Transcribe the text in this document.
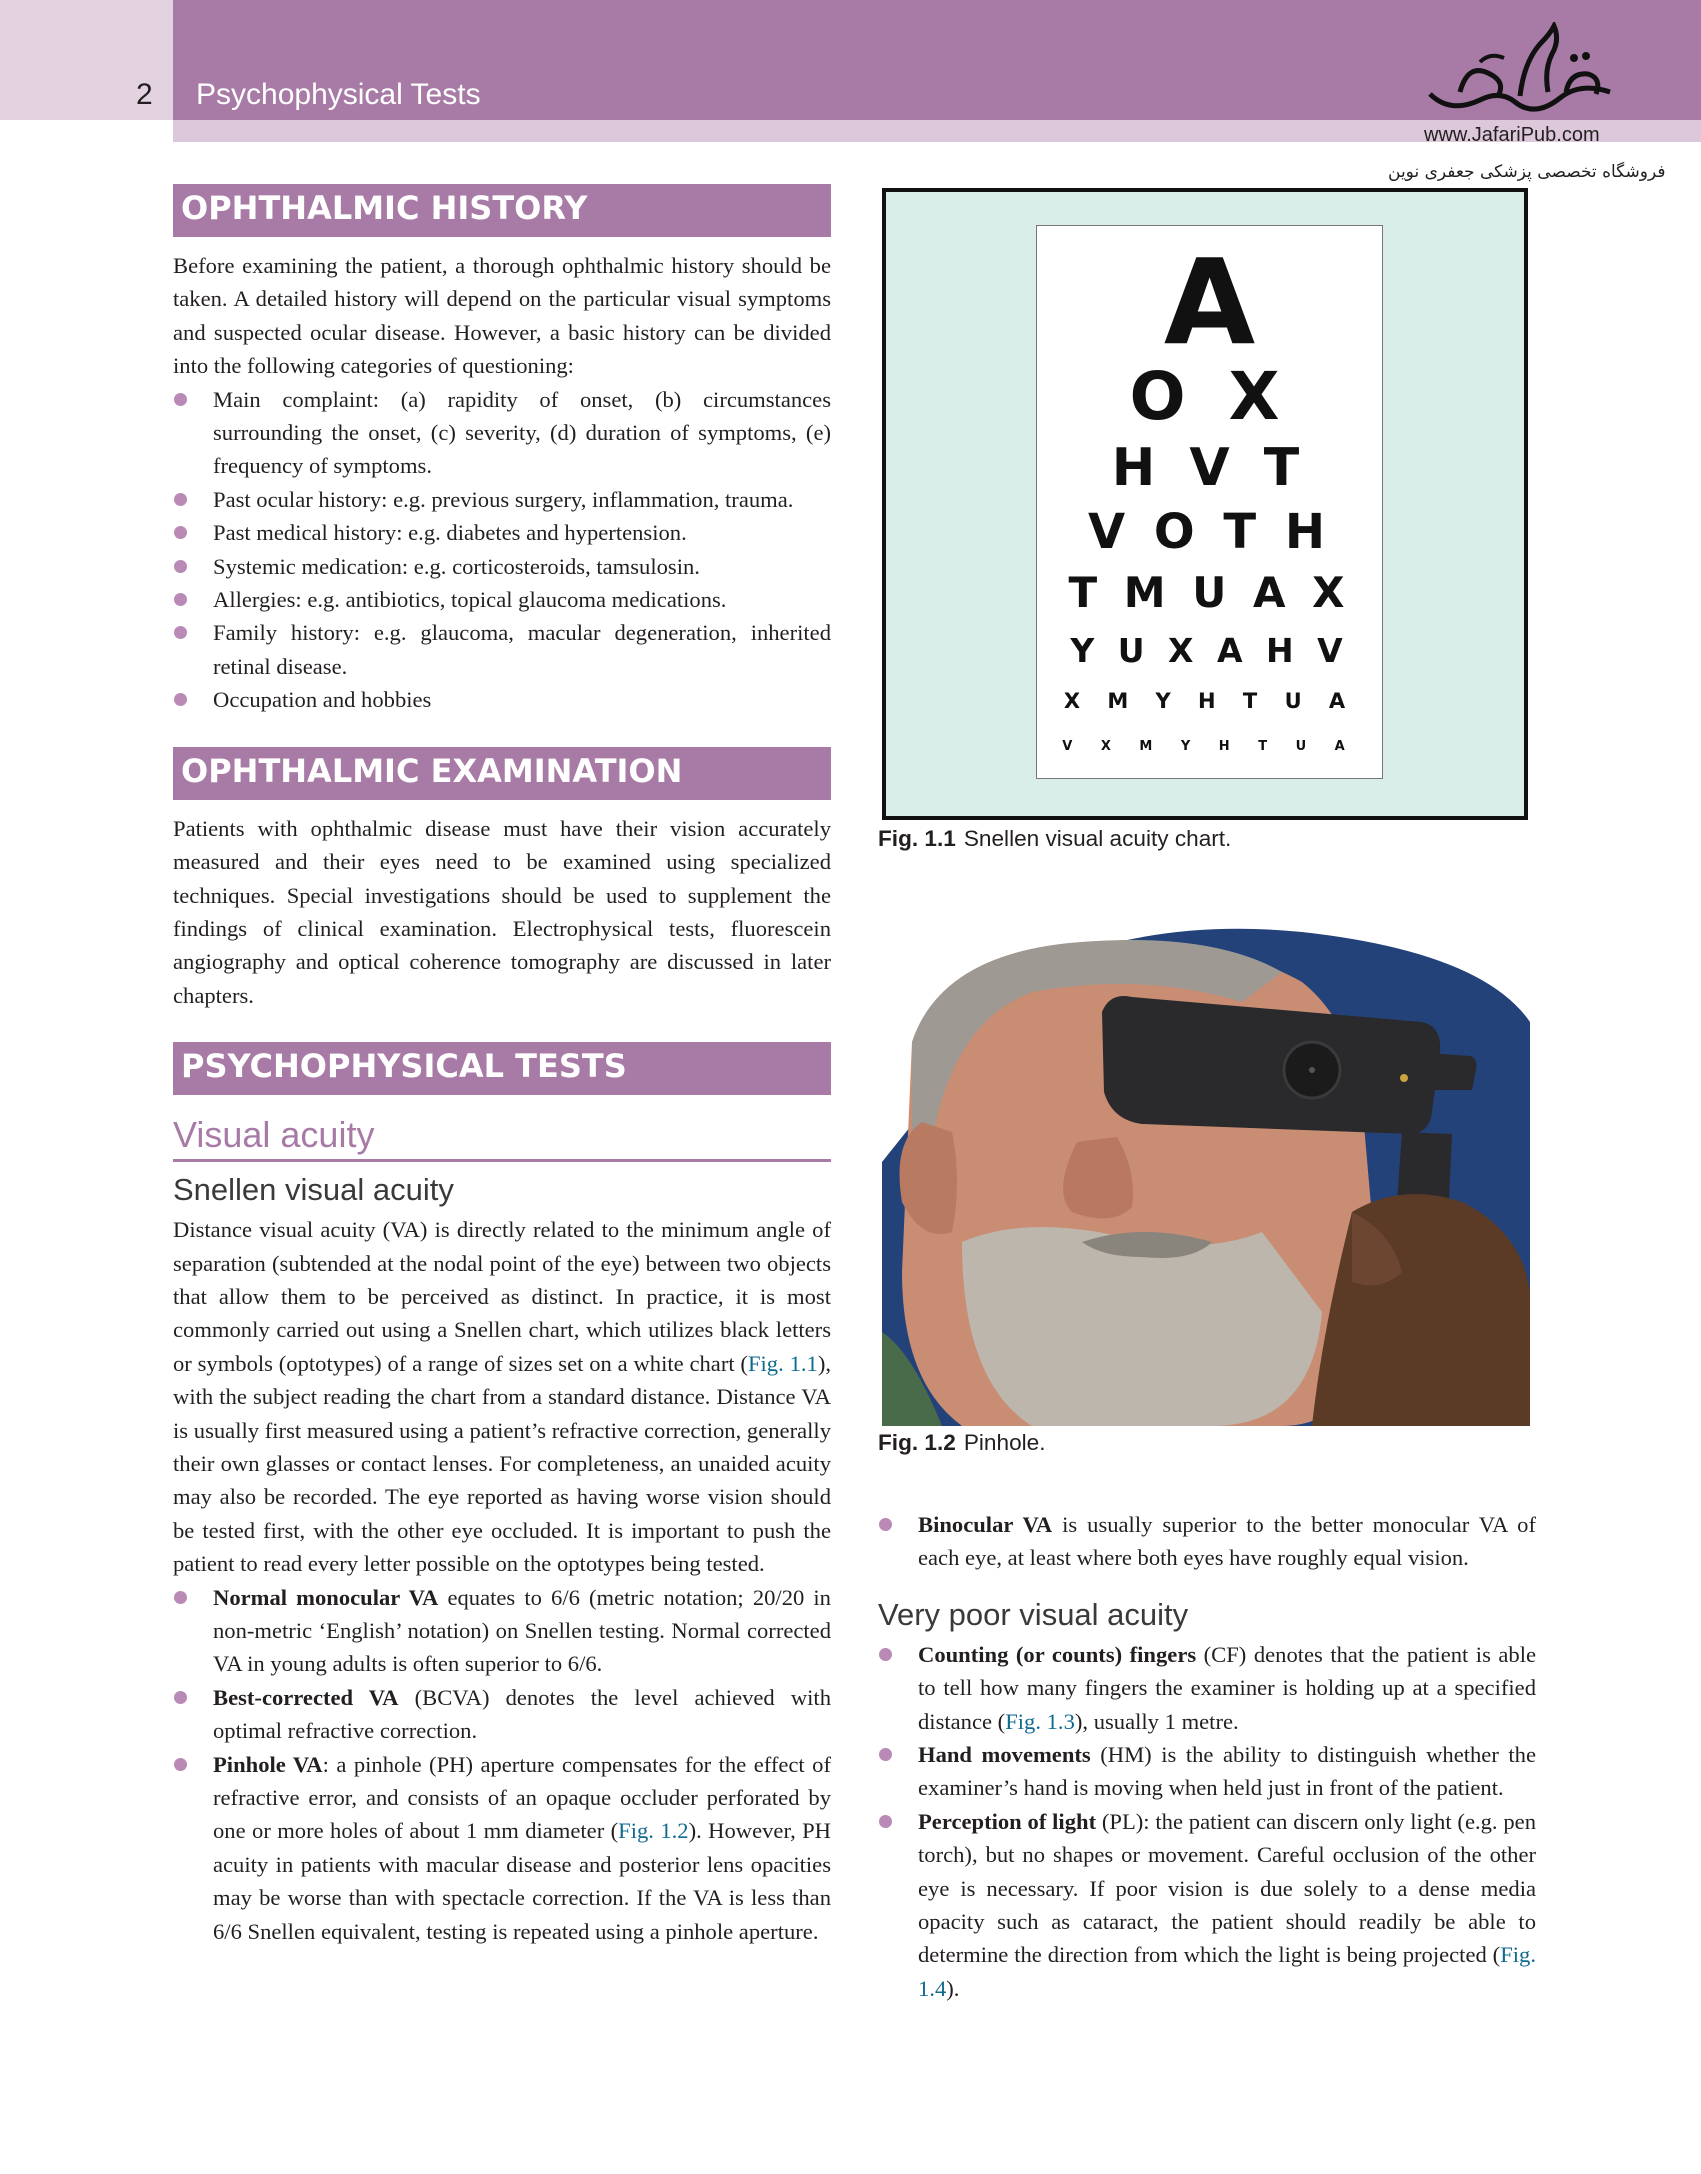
2 Psychophysical Tests
www.JafariPub.com
فروشگاه تخصصی پزشکی جعفری نوین
OPHTHALMIC HISTORY

Before examining the patient, a thorough ophthalmic history should be taken. A detailed history will depend on the particular visual symptoms and suspected ocular disease. However, a basic history can be divided into the following categories of questioning:

Main complaint: (a) rapidity of onset, (b) circumstances surrounding the onset, (c) severity, (d) duration of symptoms, (e) frequency of symptoms.
Past ocular history: e.g. previous surgery, inflammation, trauma.
Past medical history: e.g. diabetes and hypertension.
Systemic medication: e.g. corticosteroids, tamsulosin.
Allergies: e.g. antibiotics, topical glaucoma medications.
Family history: e.g. glaucoma, macular degeneration, inherited retinal disease.
Occupation and hobbies
OPHTHALMIC EXAMINATION

Patients with ophthalmic disease must have their vision accurately measured and their eyes need to be examined using specialized techniques. Special investigations should be used to supplement the findings of clinical examination. Electrophysical tests, fluorescein angiography and optical coherence tomography are discussed in later chapters.

PSYCHOPHYSICAL TESTS
Visual acuity
Snellen visual acuity

Distance visual acuity (VA) is directly related to the minimum angle of separation (subtended at the nodal point of the eye) between two objects that allow them to be perceived as distinct. In practice, it is most commonly carried out using a Snellen chart, which utilizes black letters or symbols (optotypes) of a range of sizes set on a white chart (Fig. 1.1), with the subject reading the chart from a standard distance. Distance VA is usually first measured using a patient’s refractive correction, generally their own glasses or contact lenses. For completeness, an unaided acuity may also be recorded. The eye reported as having worse vision should be tested first, with the other eye occluded. It is important to push the patient to read every letter possible on the optotypes being tested.

Normal monocular VA equates to 6/6 (metric notation; 20/20 in non-metric ‘English’ notation) on Snellen testing. Normal corrected VA in young adults is often superior to 6/6.
Best-corrected VA (BCVA) denotes the level achieved with optimal refractive correction.
Pinhole VA: a pinhole (PH) aperture compensates for the effect of refractive error, and consists of an opaque occluder perforated by one or more holes of about 1 mm diameter (Fig. 1.2). However, PH acuity in patients with macular disease and posterior lens opacities may be worse than with spectacle correction. If the VA is less than 6/6 Snellen equivalent, testing is repeated using a pinhole aperture.
A
O X
H V T
V O T H
T M U A X
Y U X A H V
X M Y H T U A
V X M Y H T U A
Fig. 1.1 Snellen visual acuity chart.
Fig. 1.2 Pinhole.
Binocular VA is usually superior to the better monocular VA of each eye, at least where both eyes have roughly equal vision.
Very poor visual acuity
Counting (or counts) fingers (CF) denotes that the patient is able to tell how many fingers the examiner is holding up at a specified distance (Fig. 1.3), usually 1 metre.
Hand movements (HM) is the ability to distinguish whether the examiner’s hand is moving when held just in front of the patient.
Perception of light (PL): the patient can discern only light (e.g. pen torch), but no shapes or movement. Careful occlusion of the other eye is necessary. If poor vision is due solely to a dense media opacity such as cataract, the patient should readily be able to determine the direction from which the light is being projected (Fig. 1.4).
